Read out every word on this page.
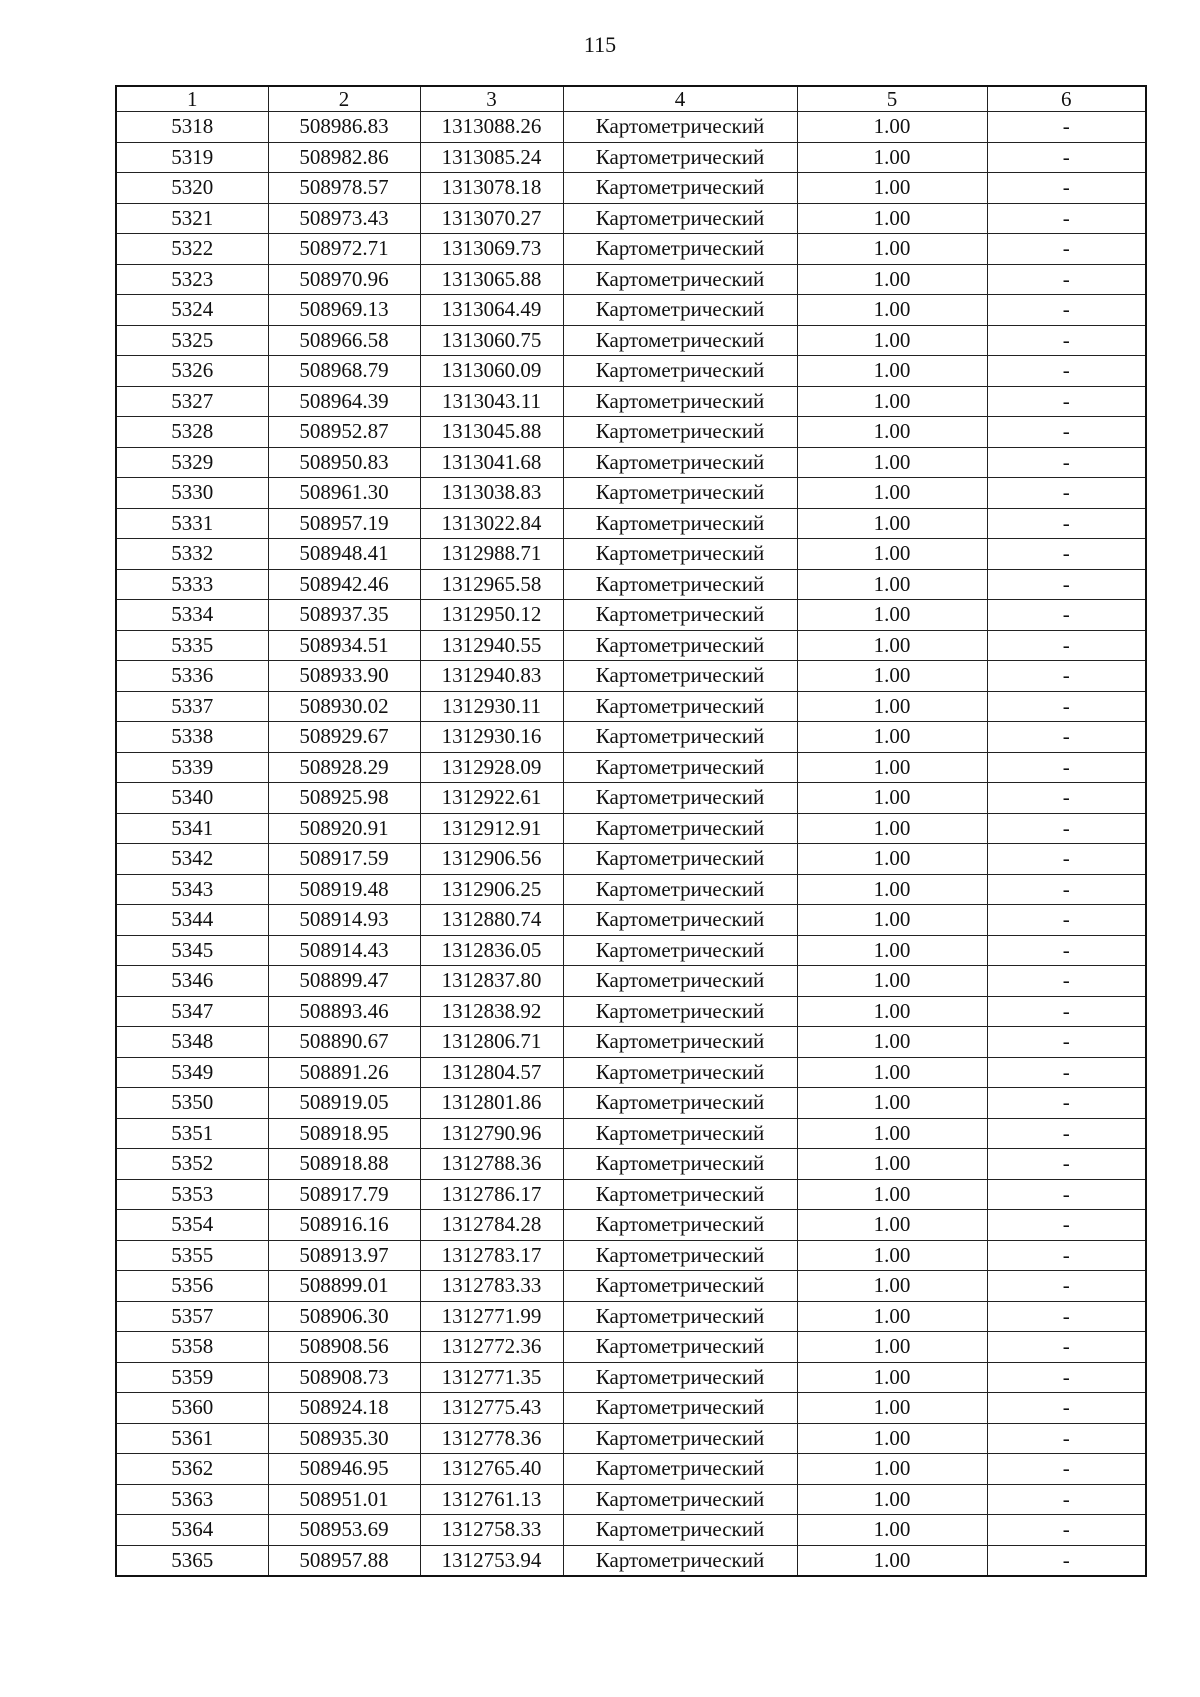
115
1	2	3	4	5	6
5318	508986.83	1313088.26	Картометрический	1.00	-
5319	508982.86	1313085.24	Картометрический	1.00	-
5320	508978.57	1313078.18	Картометрический	1.00	-
5321	508973.43	1313070.27	Картометрический	1.00	-
5322	508972.71	1313069.73	Картометрический	1.00	-
5323	508970.96	1313065.88	Картометрический	1.00	-
5324	508969.13	1313064.49	Картометрический	1.00	-
5325	508966.58	1313060.75	Картометрический	1.00	-
5326	508968.79	1313060.09	Картометрический	1.00	-
5327	508964.39	1313043.11	Картометрический	1.00	-
5328	508952.87	1313045.88	Картометрический	1.00	-
5329	508950.83	1313041.68	Картометрический	1.00	-
5330	508961.30	1313038.83	Картометрический	1.00	-
5331	508957.19	1313022.84	Картометрический	1.00	-
5332	508948.41	1312988.71	Картометрический	1.00	-
5333	508942.46	1312965.58	Картометрический	1.00	-
5334	508937.35	1312950.12	Картометрический	1.00	-
5335	508934.51	1312940.55	Картометрический	1.00	-
5336	508933.90	1312940.83	Картометрический	1.00	-
5337	508930.02	1312930.11	Картометрический	1.00	-
5338	508929.67	1312930.16	Картометрический	1.00	-
5339	508928.29	1312928.09	Картометрический	1.00	-
5340	508925.98	1312922.61	Картометрический	1.00	-
5341	508920.91	1312912.91	Картометрический	1.00	-
5342	508917.59	1312906.56	Картометрический	1.00	-
5343	508919.48	1312906.25	Картометрический	1.00	-
5344	508914.93	1312880.74	Картометрический	1.00	-
5345	508914.43	1312836.05	Картометрический	1.00	-
5346	508899.47	1312837.80	Картометрический	1.00	-
5347	508893.46	1312838.92	Картометрический	1.00	-
5348	508890.67	1312806.71	Картометрический	1.00	-
5349	508891.26	1312804.57	Картометрический	1.00	-
5350	508919.05	1312801.86	Картометрический	1.00	-
5351	508918.95	1312790.96	Картометрический	1.00	-
5352	508918.88	1312788.36	Картометрический	1.00	-
5353	508917.79	1312786.17	Картометрический	1.00	-
5354	508916.16	1312784.28	Картометрический	1.00	-
5355	508913.97	1312783.17	Картометрический	1.00	-
5356	508899.01	1312783.33	Картометрический	1.00	-
5357	508906.30	1312771.99	Картометрический	1.00	-
5358	508908.56	1312772.36	Картометрический	1.00	-
5359	508908.73	1312771.35	Картометрический	1.00	-
5360	508924.18	1312775.43	Картометрический	1.00	-
5361	508935.30	1312778.36	Картометрический	1.00	-
5362	508946.95	1312765.40	Картометрический	1.00	-
5363	508951.01	1312761.13	Картометрический	1.00	-
5364	508953.69	1312758.33	Картометрический	1.00	-
5365	508957.88	1312753.94	Картометрический	1.00	-
